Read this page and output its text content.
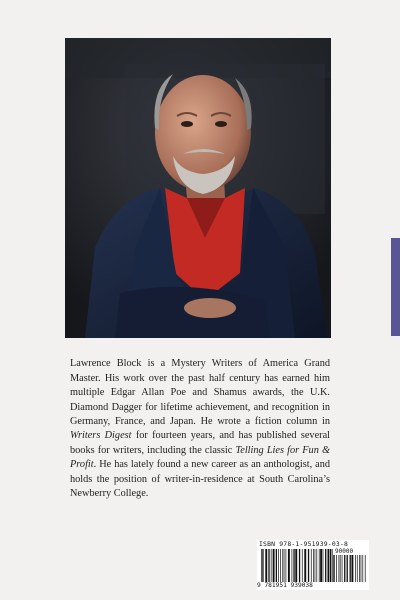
Lawrence Block is a Mystery Writers of America Grand Master. His work over the past half century has earned him multiple Edgar Allan Poe and Shamus awards, the U.K. Diamond Dagger for lifetime achievement, and recognition in Germany, France, and Japan. He wrote a fiction column in Writers Digest for fourteen years, and has published several books for writers, including the classic Telling Lies for Fun & Profit. He has lately found a new career as an anthologist, and holds the position of writer-in-residence at South Carolina’s Newberry College.

ISBN 978-1-951939-03-8
90000
9 781951 939038
